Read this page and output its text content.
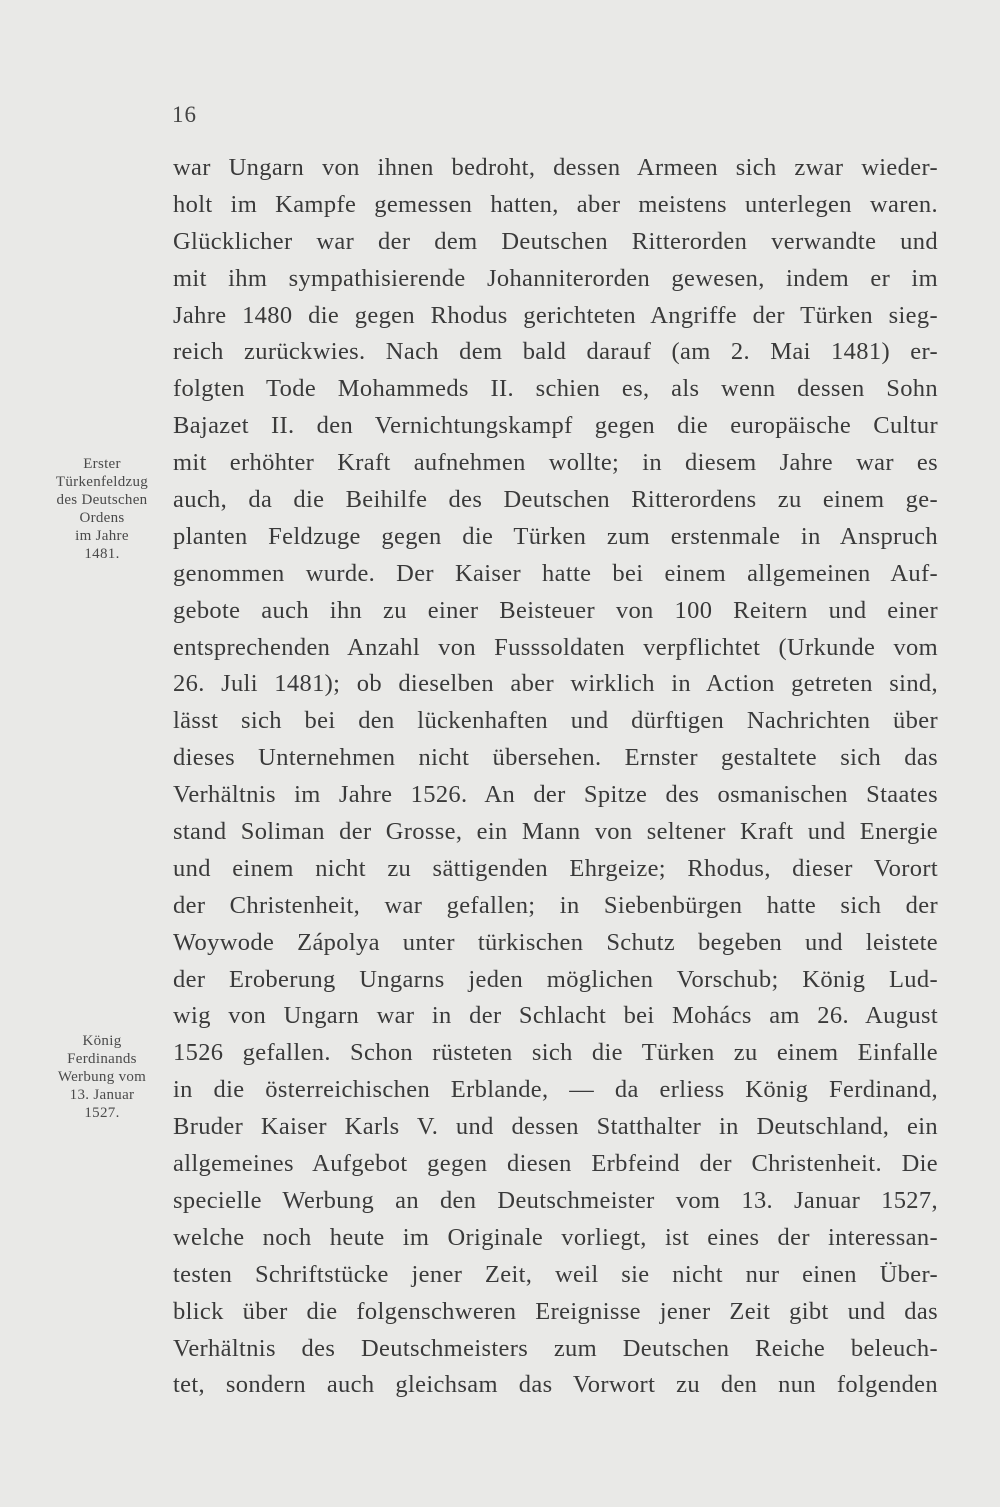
16
Erster
Türkenfeldzug
des Deutschen
Ordens
im Jahre
1481.
König
Ferdinands
Werbung vom
13. Januar
1527.
war Ungarn von ihnen bedroht, dessen Armeen sich zwar wieder-
holt im Kampfe gemessen hatten, aber meistens unterlegen waren.
Glücklicher war der dem Deutschen Ritterorden verwandte und
mit ihm sympathisierende Johanniterorden gewesen, indem er im
Jahre 1480 die gegen Rhodus gerichteten Angriffe der Türken sieg-
reich zurückwies. Nach dem bald darauf (am 2. Mai 1481) er-
folgten Tode Mohammeds II. schien es, als wenn dessen Sohn
Bajazet II. den Vernichtungskampf gegen die europäische Cultur
mit erhöhter Kraft aufnehmen wollte; in diesem Jahre war es
auch, da die Beihilfe des Deutschen Ritterordens zu einem ge-
planten Feldzuge gegen die Türken zum erstenmale in Anspruch
genommen wurde. Der Kaiser hatte bei einem allgemeinen Auf-
gebote auch ihn zu einer Beisteuer von 100 Reitern und einer
entsprechenden Anzahl von Fusssoldaten verpflichtet (Urkunde vom
26. Juli 1481); ob dieselben aber wirklich in Action getreten sind,
lässt sich bei den lückenhaften und dürftigen Nachrichten über
dieses Unternehmen nicht übersehen. Ernster gestaltete sich das
Verhältnis im Jahre 1526. An der Spitze des osmanischen Staates
stand Soliman der Grosse, ein Mann von seltener Kraft und Energie
und einem nicht zu sättigenden Ehrgeize; Rhodus, dieser Vorort
der Christenheit, war gefallen; in Siebenbürgen hatte sich der
Woywode Zápolya unter türkischen Schutz begeben und leistete
der Eroberung Ungarns jeden möglichen Vorschub; König Lud-
wig von Ungarn war in der Schlacht bei Mohács am 26. August
1526 gefallen. Schon rüsteten sich die Türken zu einem Einfalle
in die österreichischen Erblande, — da erliess König Ferdinand,
Bruder Kaiser Karls V. und dessen Statthalter in Deutschland, ein
allgemeines Aufgebot gegen diesen Erbfeind der Christenheit. Die
specielle Werbung an den Deutschmeister vom 13. Januar 1527,
welche noch heute im Originale vorliegt, ist eines der interessan-
testen Schriftstücke jener Zeit, weil sie nicht nur einen Über-
blick über die folgenschweren Ereignisse jener Zeit gibt und das
Verhältnis des Deutschmeisters zum Deutschen Reiche beleuch-
tet, sondern auch gleichsam das Vorwort zu den nun folgenden
